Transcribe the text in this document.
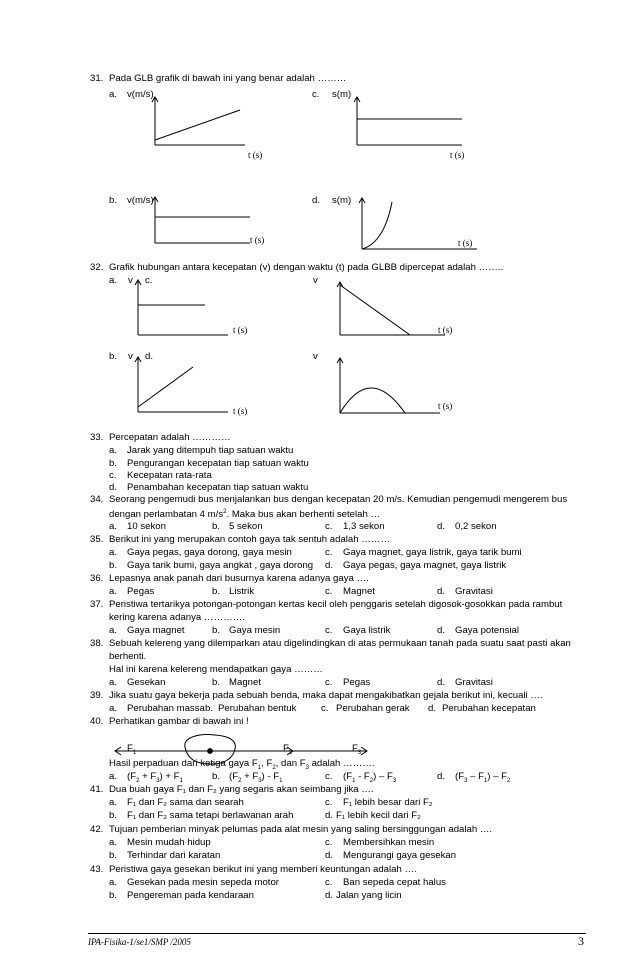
31. Pada GLB grafik di bawah ini yang benar adalah ………
a. v(m/s)
t (s)
c. s(m)
t (s)
b. v(m/s)
t (s)
d. s(m)
t (s)
32. Grafik hubungan antara kecepatan (v) dengan waktu (t) pada GLBB dipercepat adalah ……..
a. v c.
t (s)
v
t (s)
b. v d.
t (s)
v
t (s)
33. Percepatan adalah …………
a. Jarak yang ditempuh tiap satuan waktu
b. Pengurangan kecepatan tiap satuan waktu
c. Kecepatan rata-rata
d. Penambahan kecepatan tiap satuan waktu
34. Seorang pengemudi bus menjalankan bus dengan kecepatan 20 m/s. Kemudian pengemudi mengerem bus
dengan perlambatan 4 $m/s^2$. Maka bus akan berhenti setelah …
a. 10 sekon	b. 5 sekon	c. 1,3 sekon	d. 0,2 sekon
35. Berikut ini yang merupakan contoh gaya tak sentuh adalah ………
a. Gaya pegas, gaya dorong, gaya mesin	c. Gaya magnet, gaya listrik, gaya tarik bumi
b. Gaya tarik bumi, gaya angkat , gaya dorong d. Gaya pegas, gaya magnet, gaya listrik
36. Lepasnya anak panah dari busurnya karena adanya gaya ….
a. Pegas	b. Listrik	c. Magnet	d. Gravitasi
37. Peristiwa tertarikya potongan-potongan kertas kecil oleh penggaris setelah digosok-gosokkan pada rambut
kering karena adanya ………….
a. Gaya magnet	b. Gaya mesin	c. Gaya listrik	d. Gaya potensial
38. Sebuah kelereng yang dilemparkan atau digelindingkan di atas permukaan tanah pada suatu saat pasti akan
berhenti.
Hal ini karena kelereng mendapatkan gaya ………
a. Gesekan	b. Magnet	c. Pegas	d. Gravitasi
39. Jika suatu gaya bekerja pada sebuah benda, maka dapat mengakibatkan gejala berikut ini, kecuali ….
a. Perubahan massa b. Perubahan bentuk	c. Perubahan gerak d. Perubahan kecepatan
40. Perhatikan gambar di bawah ini !
$F_1$	$F_2$	$F_3$
Hasil perpaduan dari ketiga gaya $F_1$, $F_2$, dan $F_3$ adalah ……….
a. $(F_2 + F_3) + F_1$	b. $(F_2 + F_3) - F_1$	c. $(F_1 - F_2) - F_3$	d. $(F_3 - F_1) - F_2$
41. Dua buah gaya F₁ dan F₂ yang segaris akan seimbang jika ….
a. F₁ dan F₂ sama dan searah	c. F₁ lebih besar dari F₂
b. F₁ dan F₂ sama tetapi berlawanan arah	d. F₁ lebih kecil dari F₂
42. Tujuan pemberian minyak pelumas pada alat mesin yang saling bersinggungan adalah ….
a. Mesin mudah hidup	c. Membersihkan mesin
b. Terhindar dari karatan	d. Mengurangi gaya gesekan
43. Peristiwa gaya gesekan berikut ini yang memberi keuntungan adalah ….
a. Gesekan pada mesin sepeda motor	c. Ban sepeda cepat halus
b. Pengereman pada kendaraan	d. Jalan yang licin
IPA-Fisika-1/se1/SMP /2005	3
